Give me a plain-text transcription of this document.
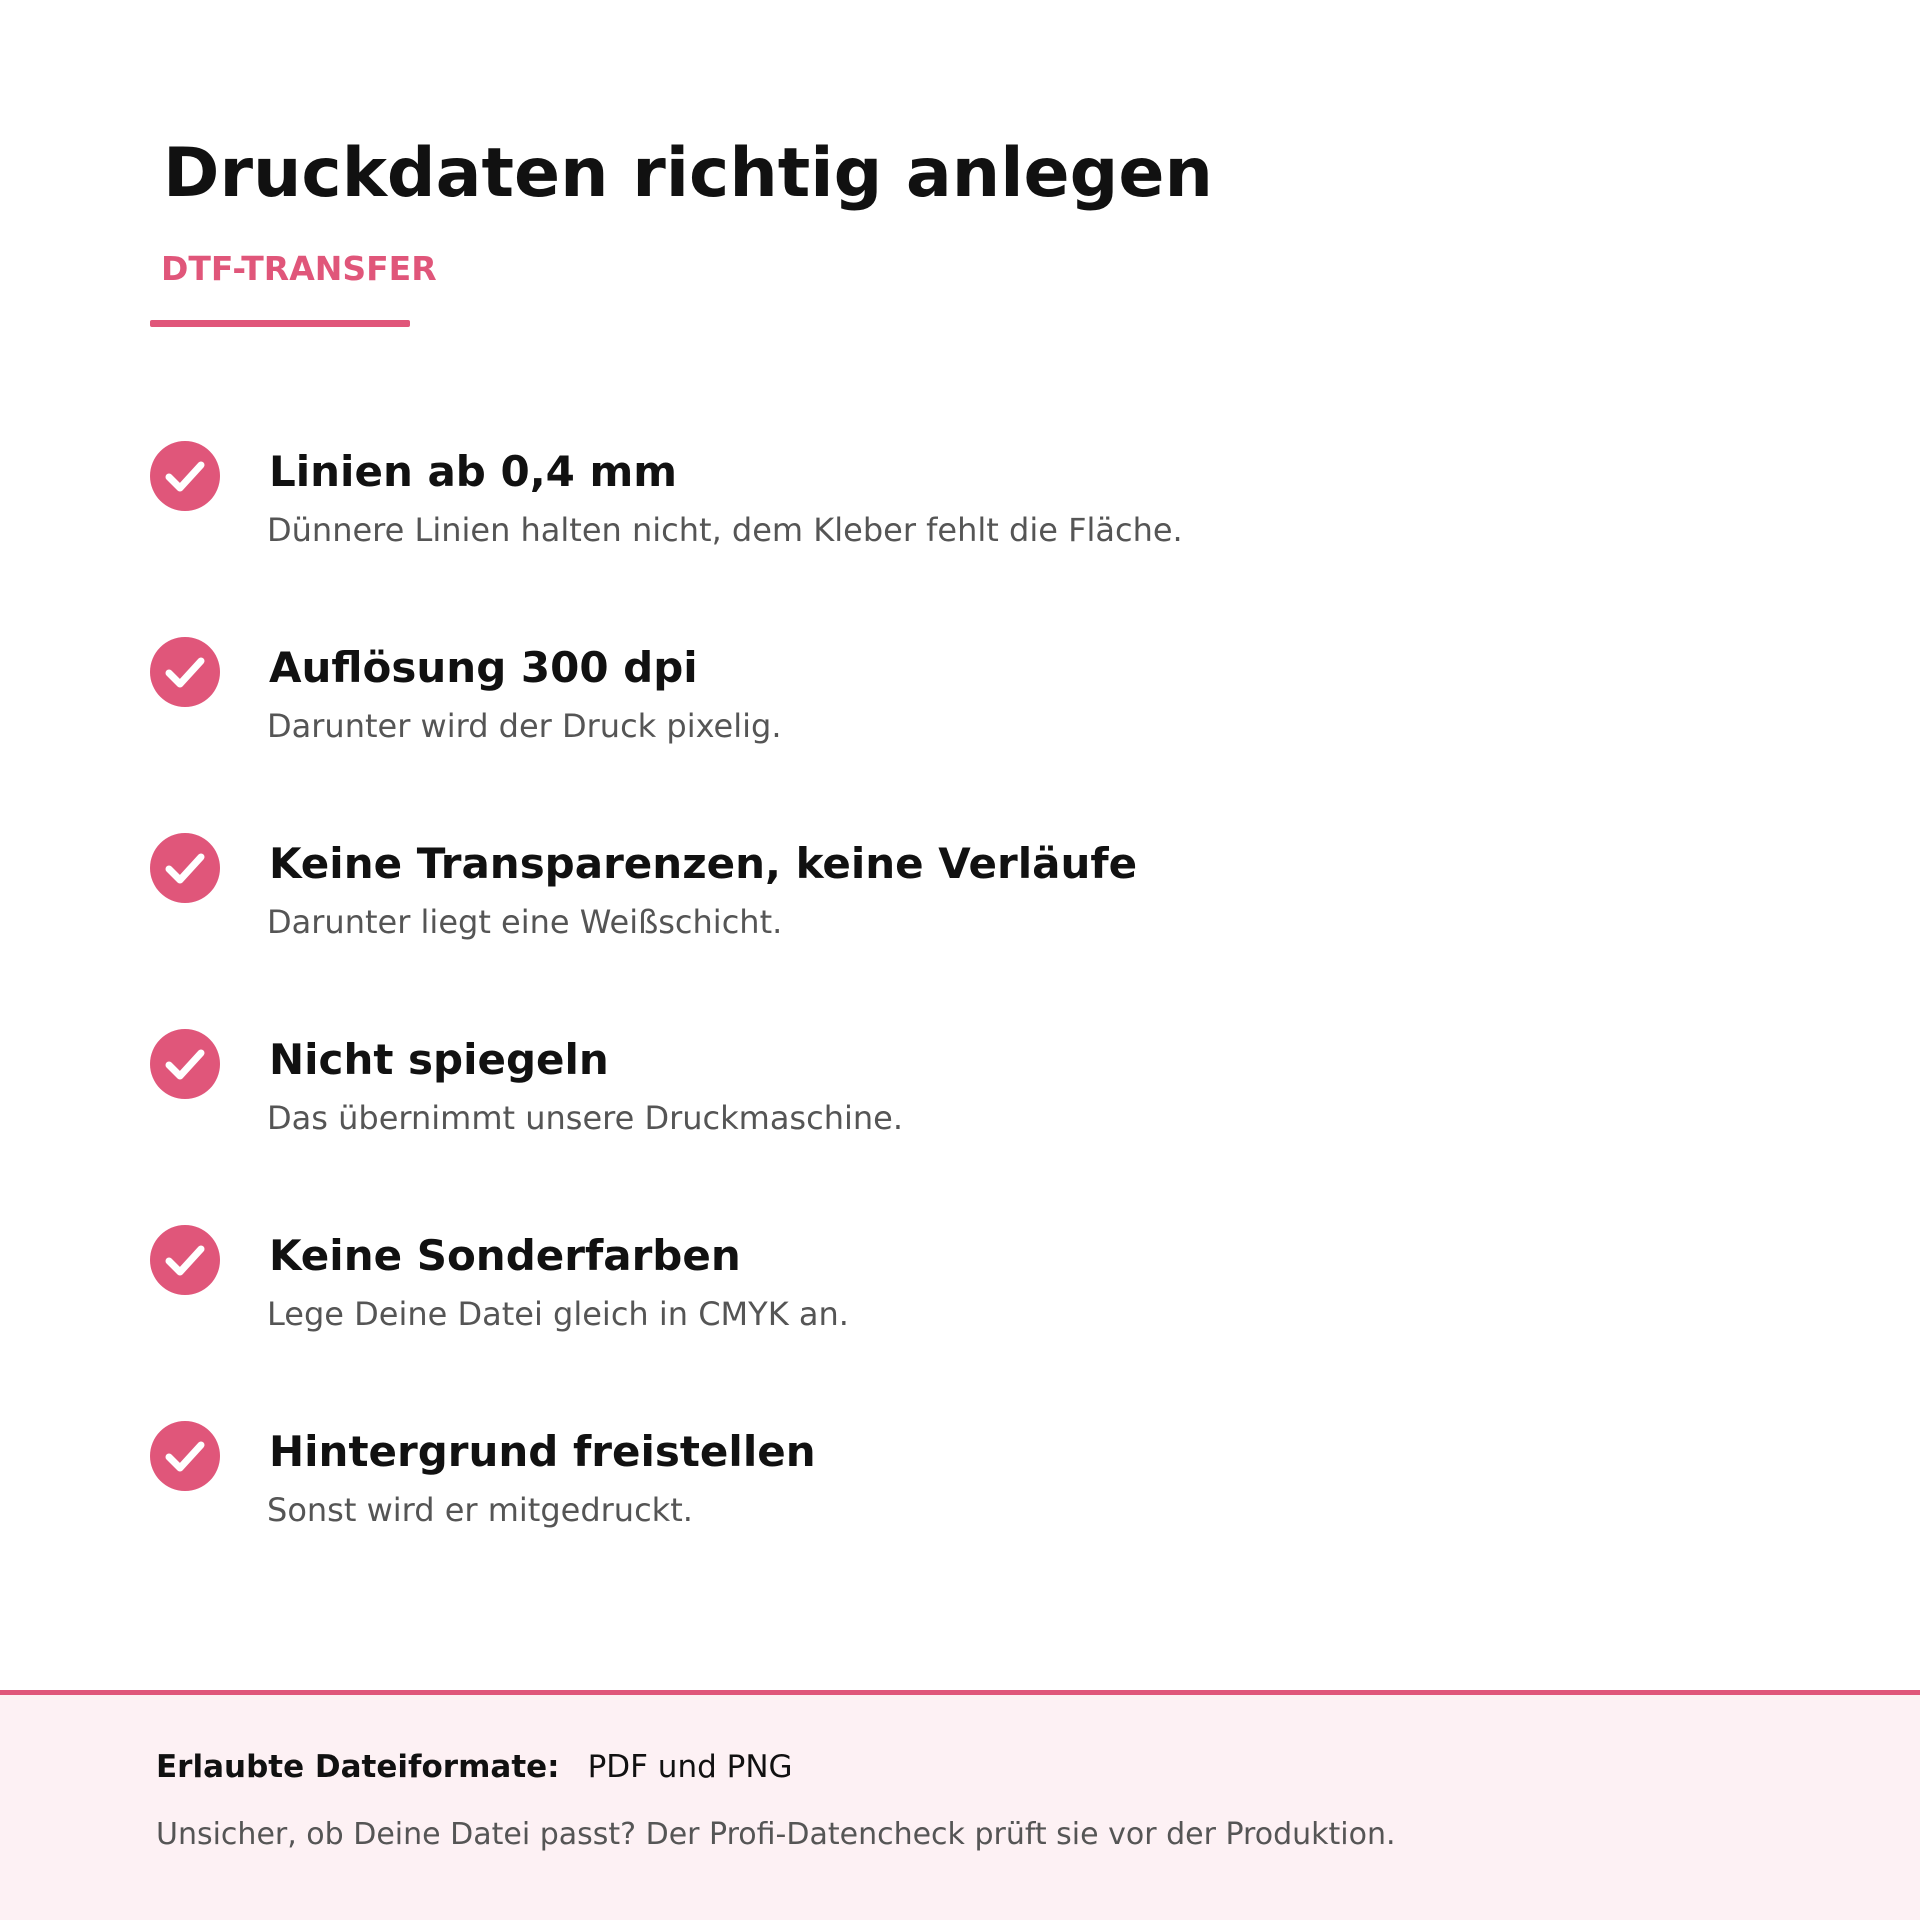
Druckdaten richtig anlegen
DTF-TRANSFER
Linien ab 0,4 mm
Dünnere Linien halten nicht, dem Kleber fehlt die Fläche.
Auflösung 300 dpi
Darunter wird der Druck pixelig.
Keine Transparenzen, keine Verläufe
Darunter liegt eine Weißschicht.
Nicht spiegeln
Das übernimmt unsere Druckmaschine.
Keine Sonderfarben
Lege Deine Datei gleich in CMYK an.
Hintergrund freistellen
Sonst wird er mitgedruckt.
Erlaubte Dateiformate: PDF und PNG
Unsicher, ob Deine Datei passt? Der Profi-Datencheck prüft sie vor der Produktion.
